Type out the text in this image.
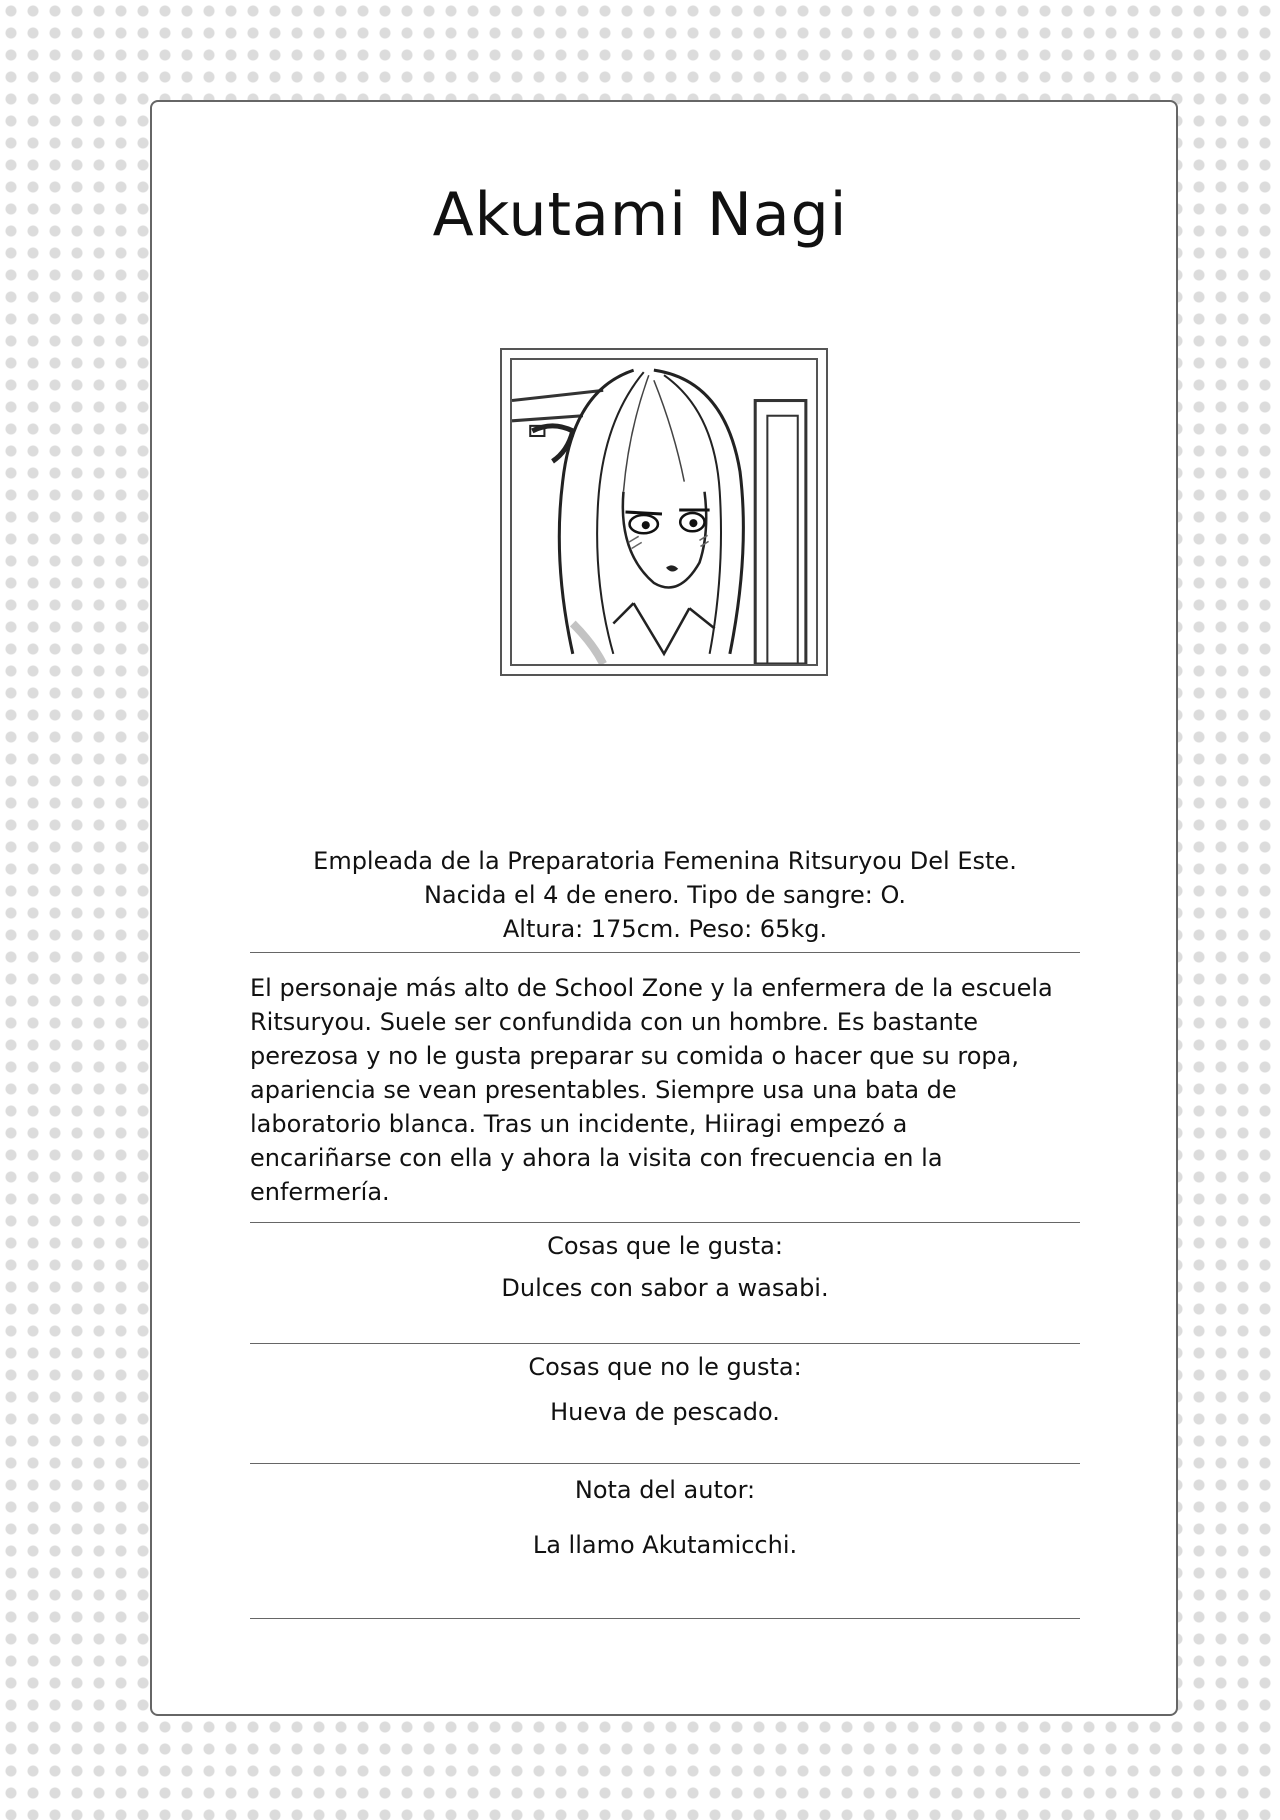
Akutami Nagi
Empleada de la Preparatoria Femenina Ritsuryou Del Este.
Nacida el 4 de enero. Tipo de sangre: O.
Altura: 175cm. Peso: 65kg.
El personaje más alto de School Zone y la enfermera de la escuela
Ritsuryou. Suele ser confundida con un hombre. Es bastante
perezosa y no le gusta preparar su comida o hacer que su ropa,
apariencia se vean presentables. Siempre usa una bata de
laboratorio blanca. Tras un incidente, Hiiragi empezó a
encariñarse con ella y ahora la visita con frecuencia en la
enfermería.
Cosas que le gusta:
Dulces con sabor a wasabi.
Cosas que no le gusta:
Hueva de pescado.
Nota del autor:
La llamo Akutamicchi.
